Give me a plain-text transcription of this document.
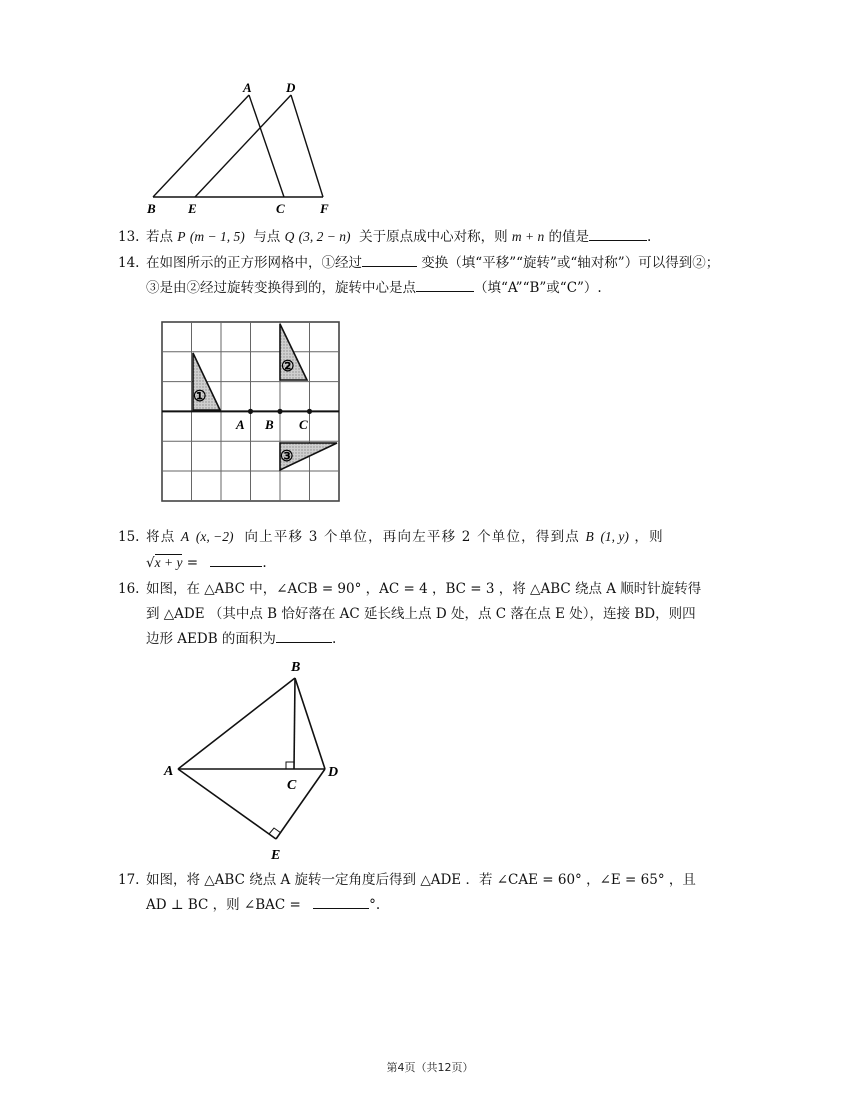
A	D
B E	C	F
13. 若点 P (m − 1, 5) 与点 Q (3, 2 − n) 关于原点成中心对称，则 m + n 的值是	.
14. 在如图所示的正方形网格中，①经过	变换（填“平移”“旋转”或“轴对称”）可以得到②；
③是由②经过旋转变换得到的，旋转中心是点	（填“A”“B”或“C”）.
A B C
①
②
③
15. 将点 A (x, −2) 向上平移 3 个单位，再向左平移 2 个单位，得到点 B (1, y) ，则
√x + y =	.
16. 如图，在 △ABC 中，∠ACB = 90° ，AC = 4 ，BC = 3 ，将 △ABC 绕点 A 顺时针旋转得
到 △ADE （其中点 B 恰好落在 AC 延长线上点 D 处，点 C 落在点 E 处），连接 BD，则四
边形 AEDB 的面积为	.
B
A
C
D
E
17. 如图，将 △ABC 绕点 A 旋转一定角度后得到 △ADE ．若 ∠CAE = 60° ，∠E = 65° ，且
AD ⊥ BC ，则 ∠BAC =	°.
第4页（共12页）
